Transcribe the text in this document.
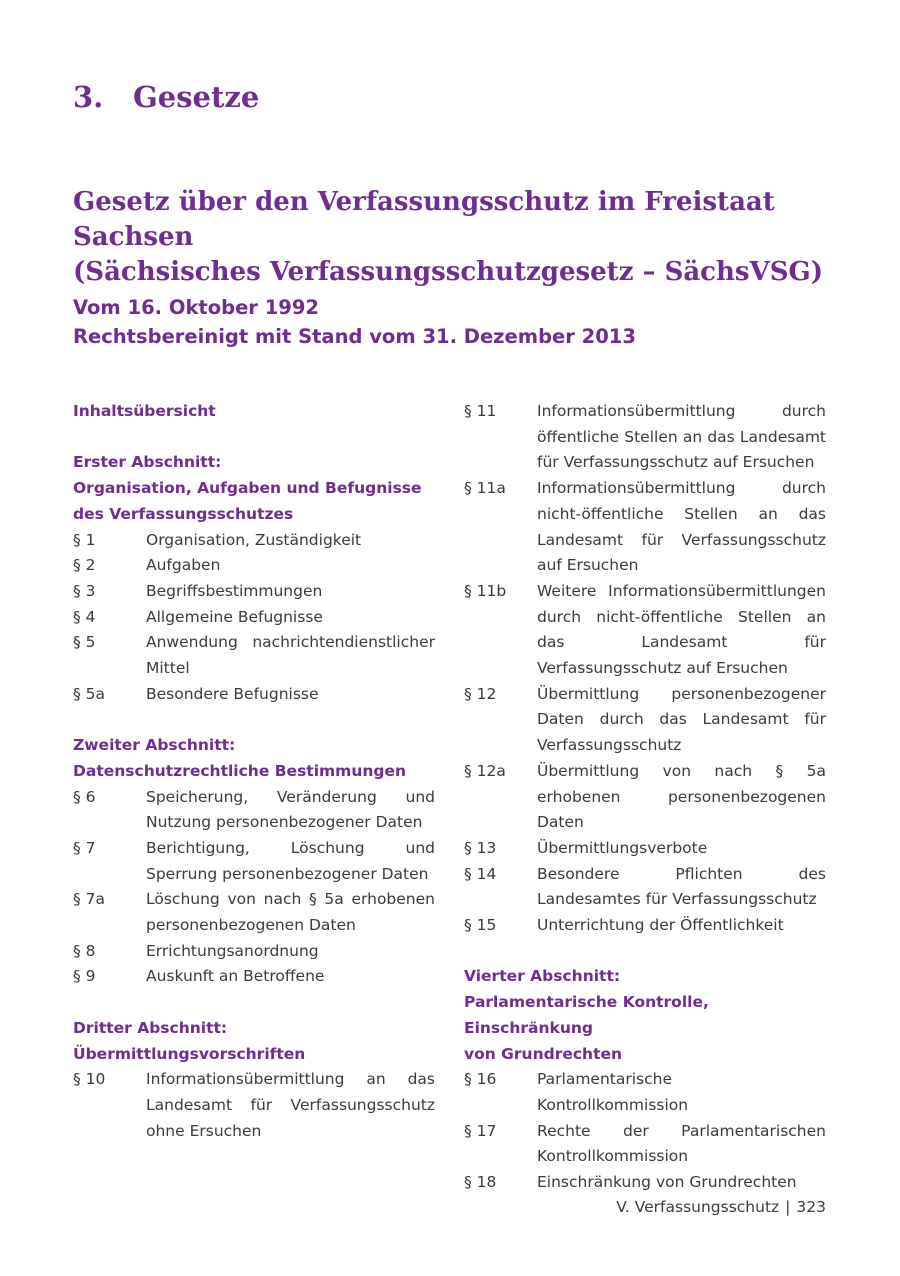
3. Gesetze
Gesetz über den Verfassungsschutz im Freistaat Sachsen
(Sächsisches Verfassungsschutzgesetz – SächsVSG)
Vom 16. Oktober 1992
Rechtsbereinigt mit Stand vom 31. Dezember 2013
Inhaltsübersicht
Erster Abschnitt:
Organisation, Aufgaben und Befugnisse
des Verfassungsschutzes
§ 1	Organisation, Zuständigkeit
§ 2	Aufgaben
§ 3	Begriffsbestimmungen
§ 4	Allgemeine Befugnisse
§ 5	Anwendung nachrichtendienstlicher Mittel
§ 5a	Besondere Befugnisse
Zweiter Abschnitt:
Datenschutzrechtliche Bestimmungen
§ 6	Speicherung, Veränderung und Nutzung personenbezogener Daten
§ 7	Berichtigung, Löschung und Sperrung personenbezogener Daten
§ 7a	Löschung von nach § 5a erhobenen personenbezogenen Daten
§ 8	Errichtungsanordnung
§ 9	Auskunft an Betroffene
Dritter Abschnitt:
Übermittlungsvorschriften
§ 10	Informationsübermittlung an das Landesamt für Verfassungsschutz ohne Ersuchen
§ 11	Informationsübermittlung durch öffentliche Stellen an das Landesamt für Verfassungsschutz auf Ersuchen
§ 11a	Informationsübermittlung durch nicht-öffentliche Stellen an das Landesamt für Verfassungsschutz auf Ersuchen
§ 11b	Weitere Informationsübermittlungen durch nicht-öffentliche Stellen an das Landesamt für Verfassungsschutz auf Ersuchen
§ 12	Übermittlung personenbezogener Daten durch das Landesamt für Verfassungsschutz
§ 12a	Übermittlung von nach § 5a erhobenen personenbezogenen Daten
§ 13	Übermittlungsverbote
§ 14	Besondere Pflichten des Landesamtes für Verfassungsschutz
§ 15	Unterrichtung der Öffentlichkeit
Vierter Abschnitt:
Parlamentarische Kontrolle, Einschränkung
von Grundrechten
§ 16	Parlamentarische Kontrollkommission
§ 17	Rechte der Parlamentarischen Kontrollkommission
§ 18	Einschränkung von Grundrechten
V. Verfassungsschutz | 323
